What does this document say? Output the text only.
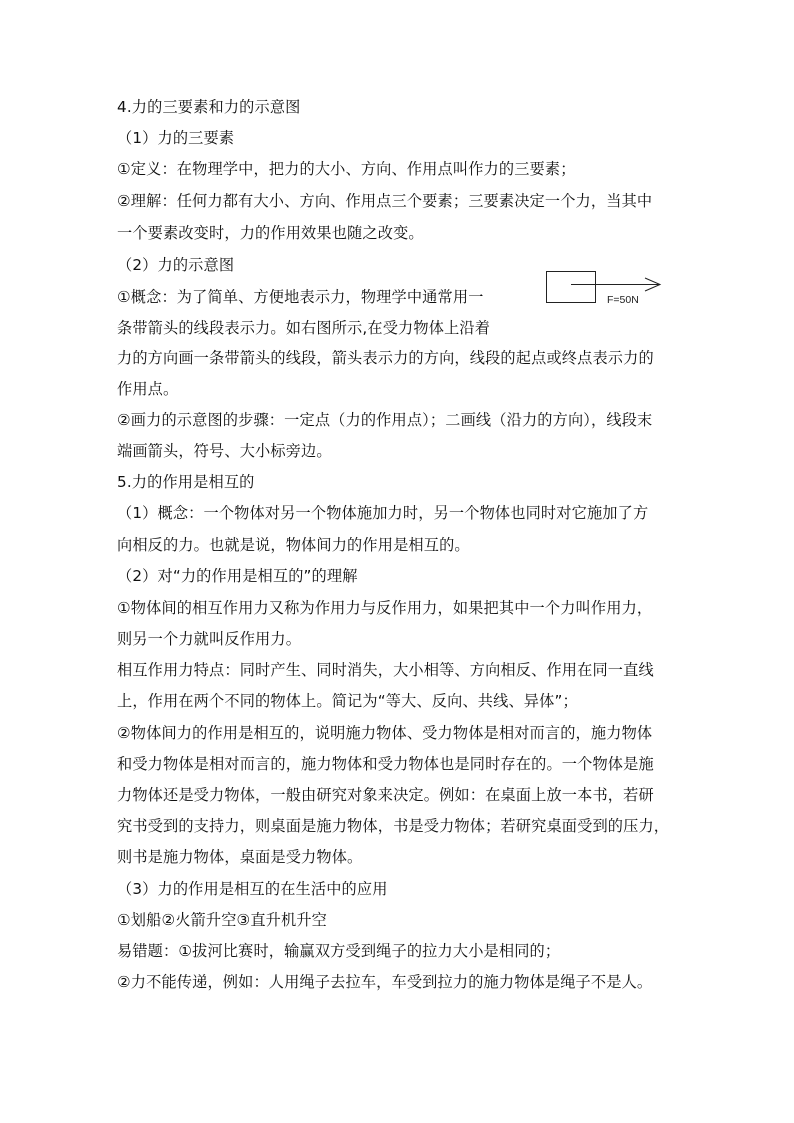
4.力的三要素和力的示意图
（1）力的三要素
①定义：在物理学中，把力的大小、方向、作用点叫作力的三要素；
②理解：任何力都有大小、方向、作用点三个要素；三要素决定一个力，当其中
一个要素改变时，力的作用效果也随之改变。
（2）力的示意图
①概念：为了简单、方便地表示力，物理学中通常用一
条带箭头的线段表示力。如右图所示,在受力物体上沿着
力的方向画一条带箭头的线段，箭头表示力的方向，线段的起点或终点表示力的
作用点。
②画力的示意图的步骤：一定点（力的作用点）；二画线（沿力的方向），线段末
端画箭头，符号、大小标旁边。
5.力的作用是相互的
（1）概念：一个物体对另一个物体施加力时，另一个物体也同时对它施加了方
向相反的力。也就是说，物体间力的作用是相互的。
（2）对“力的作用是相互的”的理解
①物体间的相互作用力又称为作用力与反作用力，如果把其中一个力叫作用力，
则另一个力就叫反作用力。
相互作用力特点：同时产生、同时消失，大小相等、方向相反、作用在同一直线
上，作用在两个不同的物体上。简记为“等大、反向、共线、异体”；
②物体间力的作用是相互的，说明施力物体、受力物体是相对而言的，施力物体
和受力物体是相对而言的，施力物体和受力物体也是同时存在的。一个物体是施
力物体还是受力物体，一般由研究对象来决定。例如：在桌面上放一本书，若研
究书受到的支持力，则桌面是施力物体，书是受力物体；若研究桌面受到的压力，
则书是施力物体，桌面是受力物体。
（3）力的作用是相互的在生活中的应用
①划船②火箭升空③直升机升空
易错题：①拔河比赛时，输赢双方受到绳子的拉力大小是相同的；
②力不能传递，例如：人用绳子去拉车，车受到拉力的施力物体是绳子不是人。
F=50N
